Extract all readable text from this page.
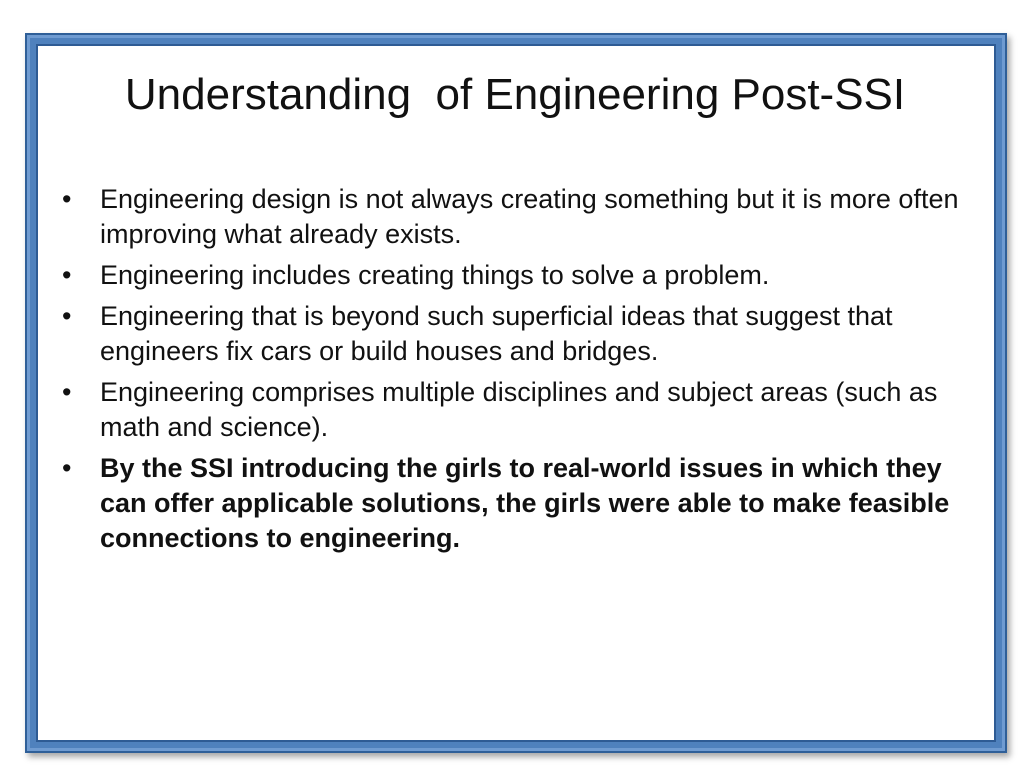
Understanding  of Engineering Post-SSI
• Engineering design is not always creating something but it is more often improving what already exists.
• Engineering includes creating things to solve a problem.
• Engineering that is beyond such superficial ideas that suggest that engineers fix cars or build houses and bridges.
• Engineering comprises multiple disciplines and subject areas (such as math and science).
• By the SSI introducing the girls to real-world issues in which they can offer applicable solutions, the girls were able to make feasible connections to engineering.
